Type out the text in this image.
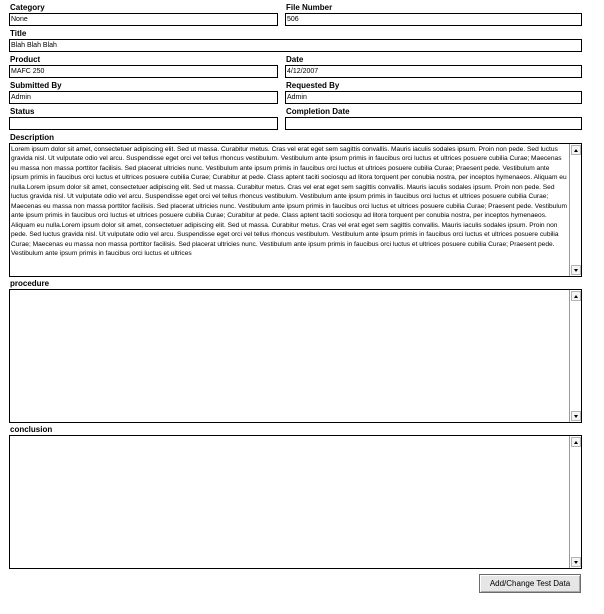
Category
None
File Number
506
Title
Blah Blah Blah
Product
MAFC 250
Date
4/12/2007
Submitted By
Admin
Requested By
Admin
Status	Completion Date
Description
Lorem ipsum dolor sit amet, consectetuer adipiscing elit. Sed ut massa. Curabitur metus. Cras vel erat eget sem sagittis convallis. Mauris iaculis sodales ipsum. Proin non pede. Sed luctus gravida nisl. Ut vulputate odio vel arcu. Suspendisse eget orci vel tellus rhoncus vestibulum. Vestibulum ante ipsum primis in faucibus orci luctus et ultrices posuere cubilia Curae; Maecenas eu massa non massa porttitor facilisis. Sed placerat ultricies nunc. Vestibulum ante ipsum primis in faucibus orci luctus et ultrices posuere cubilia Curae; Praesent pede. Vestibulum ante ipsum primis in faucibus orci luctus et ultrices posuere cubilia Curae; Curabitur at pede. Class aptent taciti sociosqu ad litora torquent per conubia nostra, per inceptos hymenaeos. Aliquam eu nulla.Lorem ipsum dolor sit amet, consectetuer adipiscing elit. Sed ut massa. Curabitur metus. Cras vel erat eget sem sagittis convallis. Mauris iaculis sodales ipsum. Proin non pede. Sed luctus gravida nisl. Ut vulputate odio vel arcu. Suspendisse eget orci vel tellus rhoncus vestibulum. Vestibulum ante ipsum primis in faucibus orci luctus et ultrices posuere cubilia Curae; Maecenas eu massa non massa porttitor facilisis. Sed placerat ultricies nunc. Vestibulum ante ipsum primis in faucibus orci luctus et ultrices posuere cubilia Curae; Praesent pede. Vestibulum ante ipsum primis in faucibus orci luctus et ultrices posuere cubilia Curae; Curabitur at pede. Class aptent taciti sociosqu ad litora torquent per conubia nostra, per inceptos hymenaeos. Aliquam eu nulla.Lorem ipsum dolor sit amet, consectetuer adipiscing elit. Sed ut massa. Curabitur metus. Cras vel erat eget sem sagittis convallis. Mauris iaculis sodales ipsum. Proin non pede. Sed luctus gravida nisl. Ut vulputate odio vel arcu. Suspendisse eget orci vel tellus rhoncus vestibulum. Vestibulum ante ipsum primis in faucibus orci luctus et ultrices posuere cubilia Curae; Maecenas eu massa non massa porttitor facilisis. Sed placerat ultricies nunc. Vestibulum ante ipsum primis in faucibus orci luctus et ultrices posuere cubilia Curae; Praesent pede. Vestibulum ante ipsum primis in faucibus orci luctus et ultrices
procedure
conclusion
Add/Change Test Data
